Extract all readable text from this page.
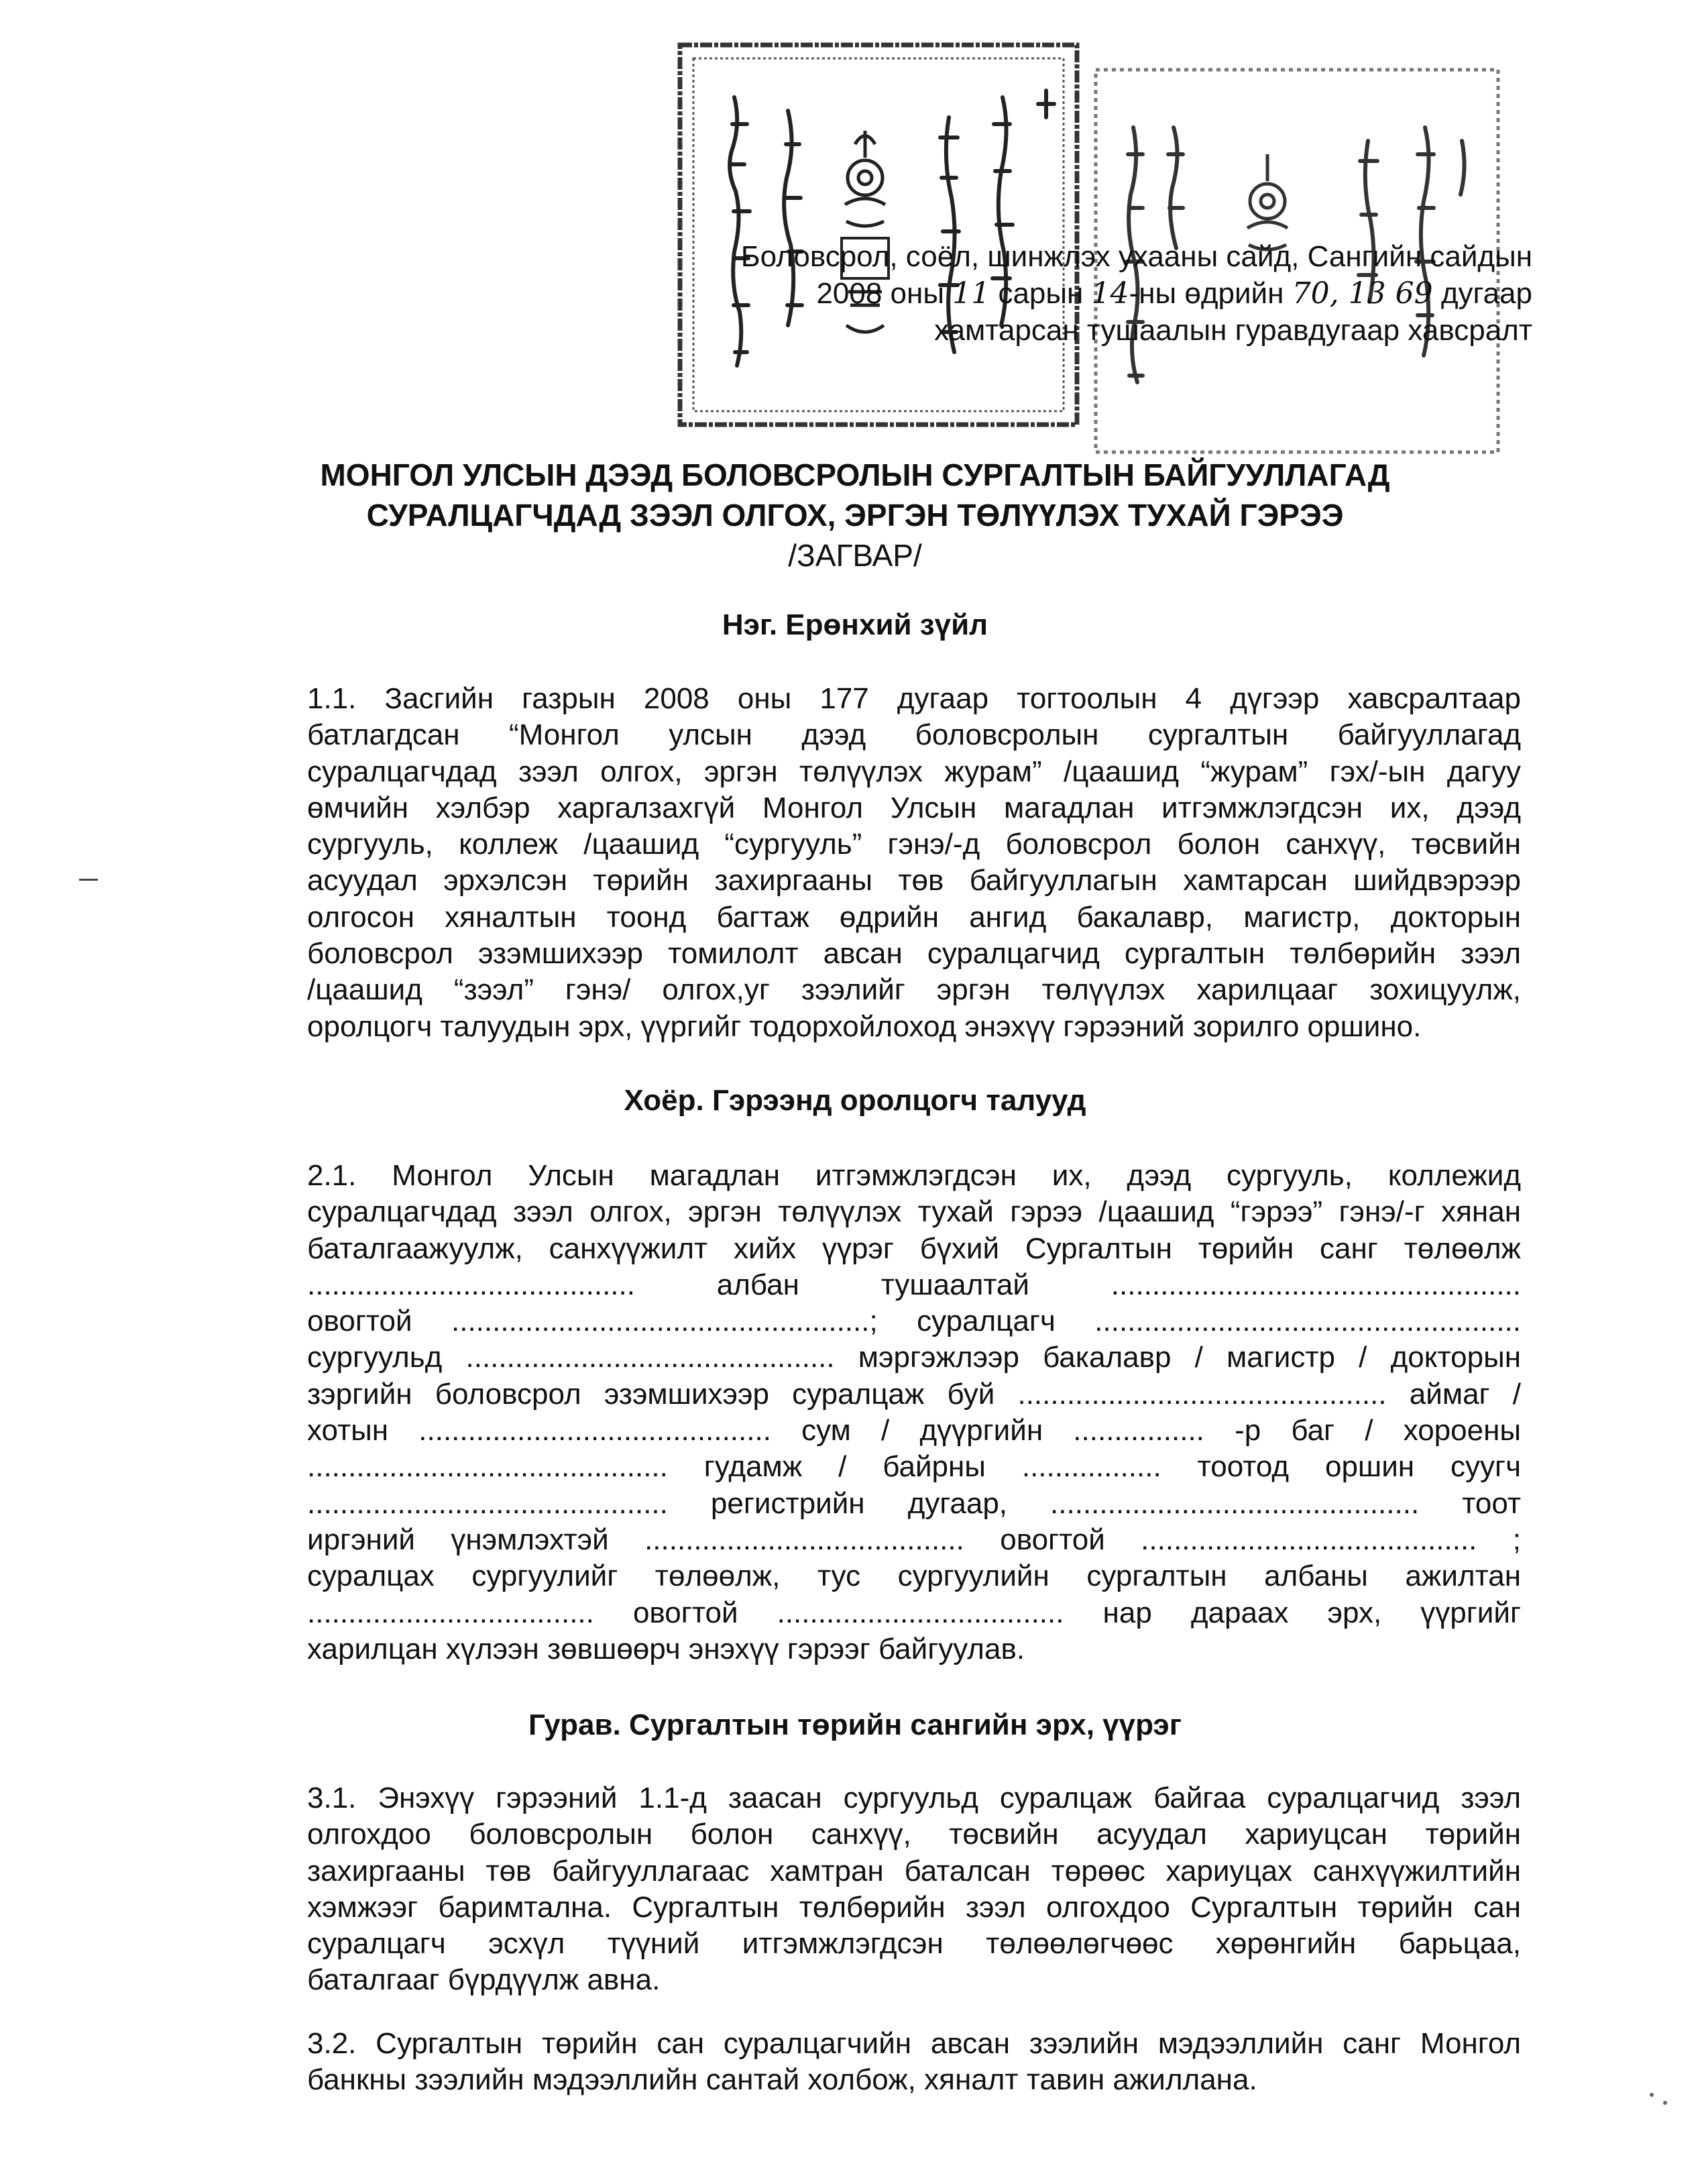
Боловсрол, соёл, шинжлэх ухааны сайд, Сангийн сайдын
2008 оны 11 сарын 14-ны өдрийн 70, 13 69 дугаар
хамтарсан тушаалын гуравдугаар хавсралт
МОНГОЛ УЛСЫН ДЭЭД БОЛОВСРОЛЫН СУРГАЛТЫН БАЙГУУЛЛАГАД
СУРАЛЦАГЧДАД ЗЭЭЛ ОЛГОХ, ЭРГЭН ТӨЛҮҮЛЭХ ТУХАЙ ГЭРЭЭ
/ЗАГВАР/
Нэг. Ерөнхий зүйл
1.1. Засгийн газрын 2008 оны 177 дугаар тогтоолын 4 дүгээр хавсралтаар
батлагдсан “Монгол улсын дээд боловсролын сургалтын байгууллагад
суралцагчдад зээл олгох, эргэн төлүүлэх журам” /цаашид “журам” гэх/-ын дагуу
өмчийн хэлбэр харгалзахгүй Монгол Улсын магадлан итгэмжлэгдсэн их, дээд
сургууль, коллеж /цаашид “сургууль” гэнэ/-д боловсрол болон санхүү, төсвийн
асуудал эрхэлсэн төрийн захиргааны төв байгууллагын хамтарсан шийдвэрээр
олгосон хяналтын тоонд багтаж өдрийн ангид бакалавр, магистр, докторын
боловсрол эзэмшихээр томилолт авсан суралцагчид сургалтын төлбөрийн зээл
/цаашид “зээл” гэнэ/ олгох,уг зээлийг эргэн төлүүлэх харилцааг зохицуулж,
оролцогч талуудын эрх, үүргийг тодорхойлоход энэхүү гэрээний зорилго оршино.
Хоёр. Гэрээнд оролцогч талууд
2.1. Монгол Улсын магадлан итгэмжлэгдсэн их, дээд сургууль, коллежид
суралцагчдад зээл олгох, эргэн төлүүлэх тухай гэрээ /цаашид “гэрээ” гэнэ/-г хянан
баталгаажуулж, санхүүжилт хийх үүрэг бүхий Сургалтын төрийн санг төлөөлж
........................................ албан тушаалтай ..................................................
овогтой ...................................................; суралцагч ....................................................
сургуульд ............................................. мэргэжлээр бакалавр / магистр / докторын
зэргийн боловсрол эзэмшихээр суралцаж буй ............................................. аймаг /
хотын ........................................... сум / дүүргийн ................ -р баг / хороены
............................................ гудамж / байрны ................. тоотод оршин суугч
............................................ регистрийн дугаар, ............................................. тоот
иргэний үнэмлэхтэй ....................................... овогтой ......................................... ;
суралцах сургуулийг төлөөлж, тус сургуулийн сургалтын албаны ажилтан
................................... овогтой ................................... нар дараах эрх, үүргийг
харилцан хүлээн зөвшөөрч энэхүү гэрээг байгуулав.
Гурав. Сургалтын төрийн сангийн эрх, үүрэг
3.1. Энэхүү гэрээний 1.1-д заасан сургуульд суралцаж байгаа суралцагчид зээл
олгохдоо боловсролын болон санхүү, төсвийн асуудал хариуцсан төрийн
захиргааны төв байгууллагаас хамтран баталсан төрөөс хариуцах санхүүжилтийн
хэмжээг баримтална. Сургалтын төлбөрийн зээл олгохдоо Сургалтын төрийн сан
суралцагч эсхүл түүний итгэмжлэгдсэн төлөөлөгчөөс хөрөнгийн барьцаа,
баталгааг бүрдүүлж авна.
3.2. Сургалтын төрийн сан суралцагчийн авсан зээлийн мэдээллийн санг Монгол
банкны зээлийн мэдээллийн сантай холбож, хяналт тавин ажиллана.
